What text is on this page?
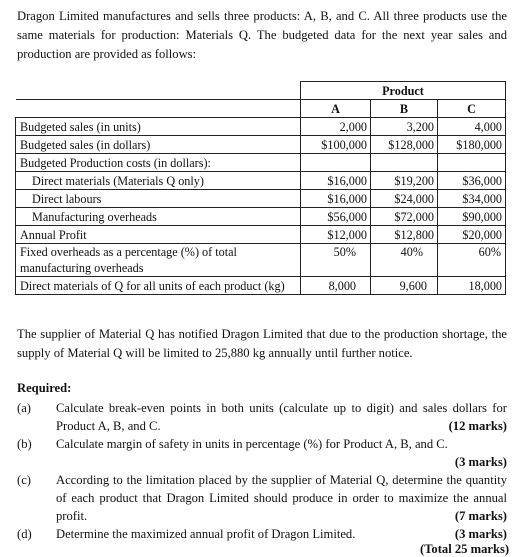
Dragon Limited manufactures and sells three products: A, B, and C. All three products use the same materials for production: Materials Q. The budgeted data for the next year sales and production are provided as follows:
	Product		
	A	B	C
Budgeted sales (in units)	2,000	3,200	4,000
Budgeted sales (in dollars)	$100,000	$128,000	$180,000
Budgeted Production costs (in dollars):			
Direct materials (Materials Q only)	$16,000	$19,200	$36,000
Direct labours	$16,000	$24,000	$34,000
Manufacturing overheads	$56,000	$72,000	$90,000
Annual Profit	$12,000	$12,800	$20,000
Fixed overheads as a percentage (%) of total manufacturing overheads	50%	40%	60%
Direct materials of Q for all units of each product (kg)	8,000	9,600	18,000
The supplier of Material Q has notified Dragon Limited that due to the production shortage, the supply of Material Q will be limited to 25,880 kg annually until further notice.
Required:
(a) Calculate break-even points in both units (calculate up to digit) and sales dollars for Product A, B, and C.	(12 marks)
(b) Calculate margin of safety in units in percentage (%) for Product A, B, and C.
(3 marks)
(c) According to the limitation placed by the supplier of Material Q, determine the quantity of each product that Dragon Limited should produce in order to maximize the annual profit.	(7 marks)
(d) Determine the maximized annual profit of Dragon Limited.	(3 marks)
(Total 25 marks)
